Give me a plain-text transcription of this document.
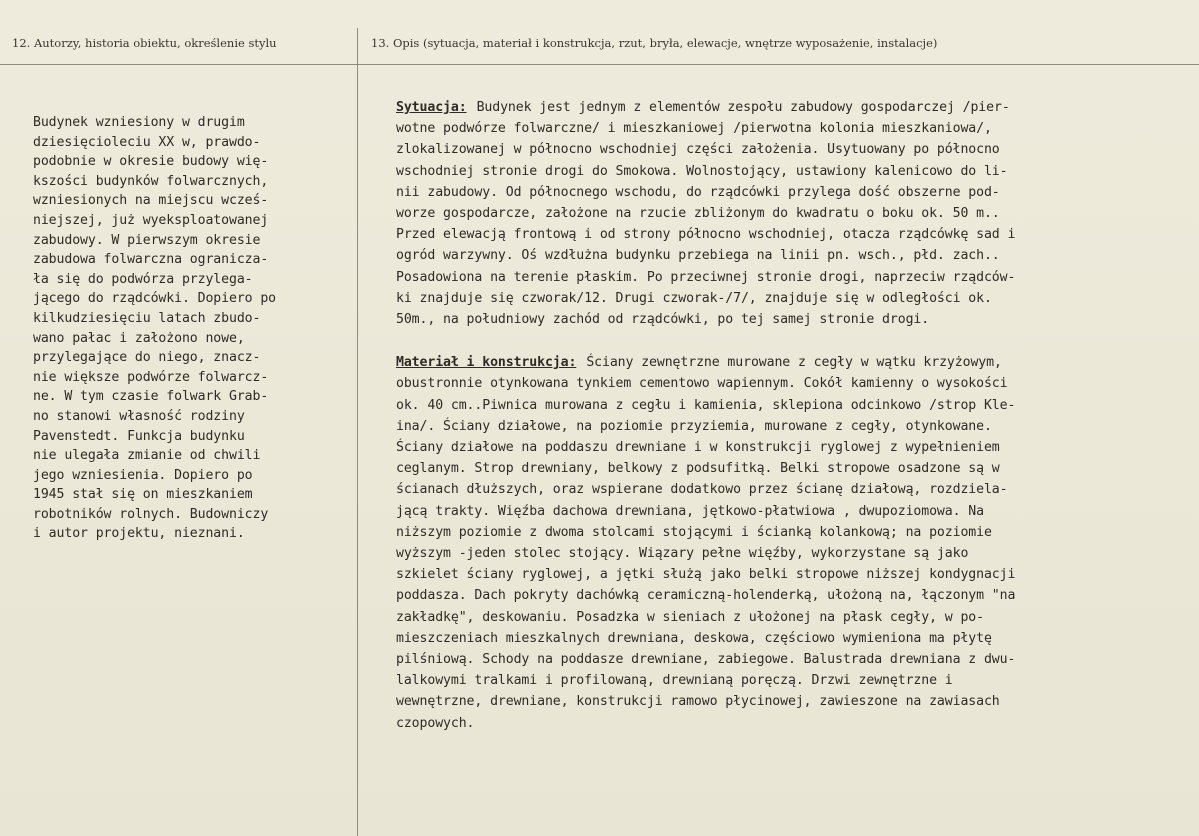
12. Autorzy, historia obiektu, określenie stylu	13. Opis (sytuacja, materiał i konstrukcja, rzut, bryła, elewacje, wnętrze wyposażenie, instalacje)
Budynek wzniesiony w drugim
dziesięcioleciu XX w, prawdo-
podobnie w okresie budowy wię-
kszości budynków folwarcznych,
wzniesionych na miejscu wcześ-
niejszej, już wyeksploatowanej
zabudowy. W pierwszym okresie
zabudowa folwarczna ogranicza-
ła się do podwórza przylega-
jącego do rządcówki. Dopiero po
kilkudziesięciu latach zbudo-
wano pałac i założono nowe,
przylegające do niego, znacz-
nie większe podwórze folwarcz-
ne. W tym czasie folwark Grab-
no stanowi własność rodziny
Pavenstedt. Funkcja budynku
nie ulegała zmianie od chwili
jego wzniesienia. Dopiero po
1945 stał się on mieszkaniem
robotników rolnych. Budowniczy
i autor projektu, nieznani.
Sytuacja: Budynek jest jednym z elementów zespołu zabudowy gospodarczej /pier-
wotne podwórze folwarczne/ i mieszkaniowej /pierwotna kolonia mieszkaniowa/,
zlokalizowanej w północno wschodniej części założenia. Usytuowany po północno
wschodniej stronie drogi do Smokowa. Wolnostojący, ustawiony kalenicowo do li-
nii zabudowy. Od północnego wschodu, do rządcówki przylega dość obszerne pod-
worze gospodarcze, założone na rzucie zbliżonym do kwadratu o boku ok. 50 m..
Przed elewacją frontową i od strony północno wschodniej, otacza rządcówkę sad i
ogród warzywny. Oś wzdłużna budynku przebiega na linii pn. wsch., płd. zach..
Posadowiona na terenie płaskim. Po przeciwnej stronie drogi, naprzeciw rządców-
ki znajduje się czworak/12. Drugi czworak-/7/, znajduje się w odległości ok.
50m., na południowy zachód od rządcówki, po tej samej stronie drogi.
Materiał i konstrukcja: Ściany zewnętrzne murowane z cegły w wątku krzyżowym,
obustronnie otynkowana tynkiem cementowo wapiennym. Cokół kamienny o wysokości
ok. 40 cm..Piwnica murowana z cegłu i kamienia, sklepiona odcinkowo /strop Kle-
ina/. Ściany działowe, na poziomie przyziemia, murowane z cegły, otynkowane.
Ściany działowe na poddaszu drewniane i w konstrukcji ryglowej z wypełnieniem
ceglanym. Strop drewniany, belkowy z podsufitką. Belki stropowe osadzone są w
ścianach dłuższych, oraz wspierane dodatkowo przez ścianę działową, rozdziela-
jącą trakty. Więźba dachowa drewniana, jętkowo-płatwiowa , dwupoziomowa. Na
niższym poziomie z dwoma stolcami stojącymi i ścianką kolankową; na poziomie
wyższym -jeden stolec stojący. Wiązary pełne więźby, wykorzystane są jako
szkielet ściany ryglowej, a jętki służą jako belki stropowe niższej kondygnacji
poddasza. Dach pokryty dachówką ceramiczną-holenderką, ułożoną na, łączonym "na
zakładkę", deskowaniu. Posadzka w sieniach z ułożonej na płask cegły, w po-
mieszczeniach mieszkalnych drewniana, deskowa, częściowo wymieniona ma płytę
pilśniową. Schody na poddasze drewniane, zabiegowe. Balustrada drewniana z dwu-
lalkowymi tralkami i profilowaną, drewnianą poręczą. Drzwi zewnętrzne i
wewnętrzne, drewniane, konstrukcji ramowo płycinowej, zawieszone na zawiasach
czopowych.
